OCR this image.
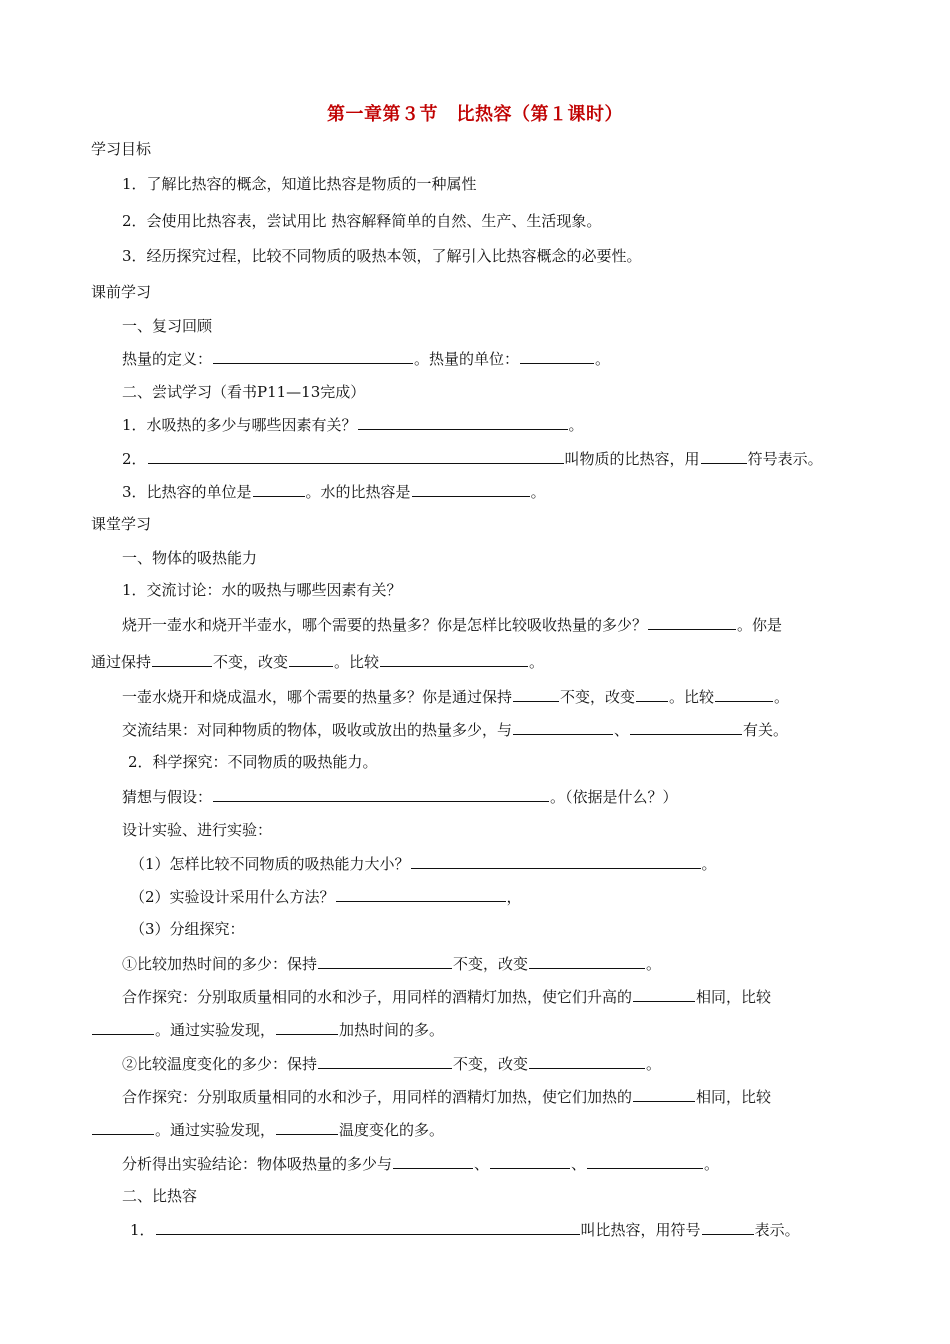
第一章第３节　比热容（第１课时）
学习目标
1．了解比热容的概念，知道比热容是物质的一种属性
2．会使用比热容表，尝试用比 热容解释简单的自然、生产、生活现象。
3．经历探究过程，比较不同物质的吸热本领，了解引入比热容概念的必要性。
课前学习
一、复习回顾
热量的定义：	。热量的单位：	。
二、尝试学习（看书P11—13完成）
1．水吸热的多少与哪些因素有关？	。
2．	叫物质的比热容，用	符号表示。
3．比热容的单位是	。水的比热容是	。
课堂学习
一、物体的吸热能力
1．交流讨论：水的吸热与哪些因素有关？
烧开一壶水和烧开半壶水，哪个需要的热量多？你是怎样比较吸收热量的多少？	。你是
通过保持	不变，改变	。比较	。
一壶水烧开和烧成温水，哪个需要的热量多？你是通过保持	不变，改变 。比较	。
交流结果：对同种物质的物体，吸收或放出的热量多少，与	、	有关。
2．科学探究：不同物质的吸热能力。
猜想与假设：	。（依据是什么？）
设计实验、进行实验：
（1）怎样比较不同物质的吸热能力大小？	。
（2）实验设计采用什么方法？	，
（3）分组探究：
①比较加热时间的多少：保持	不变，改变	。
合作探究：分别取质量相同的水和沙子，用同样的酒精灯加热，使它们升高的	相同，比较
。通过实验发现，	加热时间的多。
②比较温度变化的多少：保持	不变，改变	。
合作探究：分别取质量相同的水和沙子，用同样的酒精灯加热，使它们加热的	相同，比较
。通过实验发现，	温度变化的多。
分析得出实验结论：物体吸热量的多少与	、	、	。
二、比热容
1．	叫比热容，用符号	表示。
